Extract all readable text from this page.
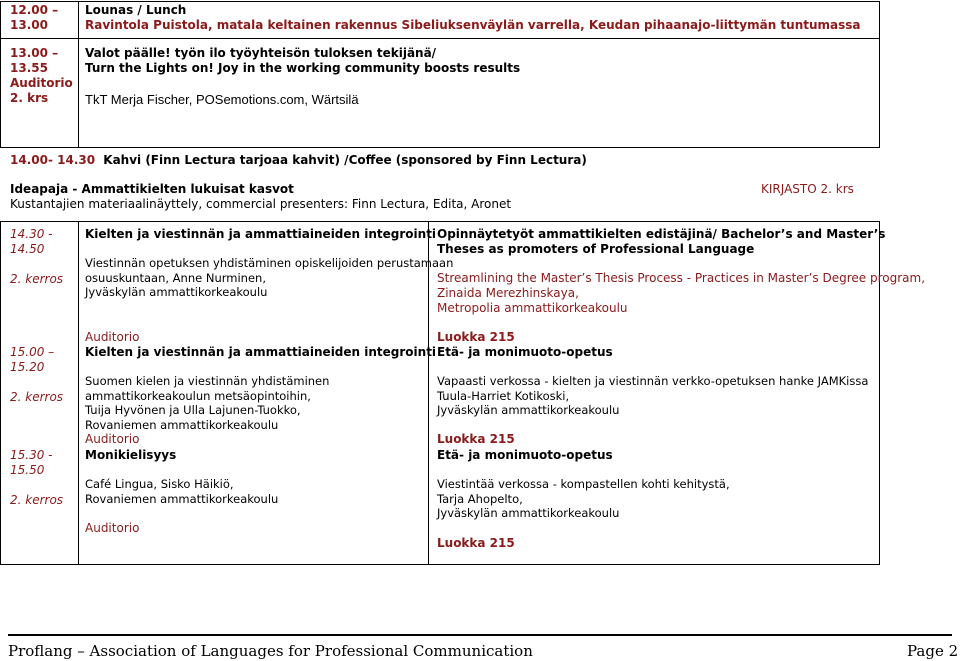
12.00 –
13.00
Lounas / Lunch
Ravintola Puistola, matala keltainen rakennus Sibeliuksenväylän varrella, Keudan pihaanajo-liittymän tuntumassa
13.00 –
13.55
Auditorio
2. krs
Valot päälle! työn ilo työyhteisön tuloksen tekijänä/
Turn the Lights on! Joy in the working community boosts results
TkT Merja Fischer, POSemotions.com, Wärtsilä
14.00- 14.30 Kahvi (Finn Lectura tarjoaa kahvit) /Coffee (sponsored by Finn Lectura)
Ideapaja - Ammattikielten lukuisat kasvot	KIRJASTO 2. krs
Kustantajien materiaalinäyttely, commercial presenters: Finn Lectura, Edita, Aronet
14.30 -
14.50
2. kerros
Kielten ja viestinnän ja ammattiaineiden integrointi
Viestinnän opetuksen yhdistäminen opiskelijoiden perustamaan
osuuskuntaan, Anne Nurminen,
Jyväskylän ammattikorkeakoulu
Auditorio
Opinnäytetyöt ammattikielten edistäjinä/ Bachelor’s and Master’s
Theses as promoters of Professional Language
Streamlining the Master’s Thesis Process - Practices in Master’s Degree program,
Zinaida Merezhinskaya,
Metropolia ammattikorkeakoulu
Luokka 215
15.00 –
15.20
2. kerros
Kielten ja viestinnän ja ammattiaineiden integrointi
Suomen kielen ja viestinnän yhdistäminen
ammattikorkeakoulun metsäopintoihin,
Tuija Hyvönen ja Ulla Lajunen-Tuokko,
Rovaniemen ammattikorkeakoulu
Auditorio
Etä- ja monimuoto-opetus
Vapaasti verkossa - kielten ja viestinnän verkko-opetuksen hanke JAMKissa
Tuula-Harriet Kotikoski,
Jyväskylän ammattikorkeakoulu
Luokka 215
15.30 -
15.50
2. kerros
Monikielisyys
Café Lingua, Sisko Häikiö,
Rovaniemen ammattikorkeakoulu
Auditorio
Etä- ja monimuoto-opetus
Viestintää verkossa - kompastellen kohti kehitystä,
Tarja Ahopelto,
Jyväskylän ammattikorkeakoulu
Luokka 215
Proflang – Association of Languages for Professional Communication	Page 2
